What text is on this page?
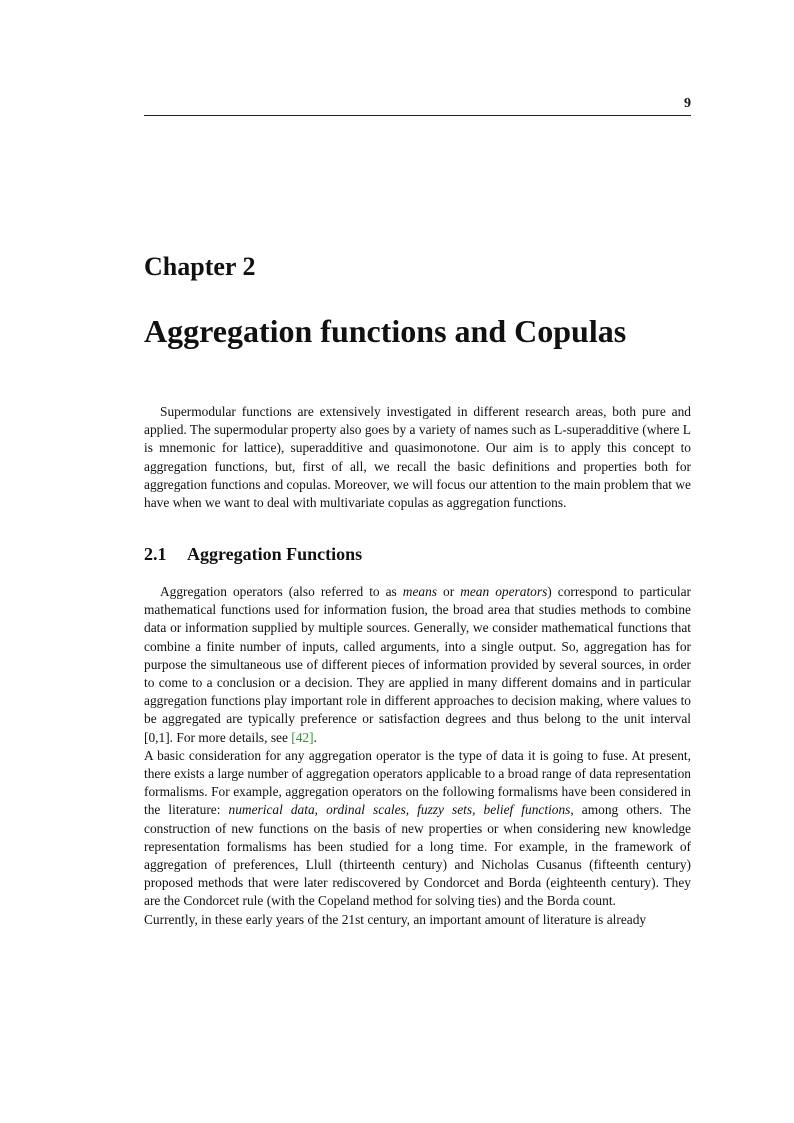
9
Chapter 2
Aggregation functions and Copulas

Supermodular functions are extensively investigated in different research areas, both pure and applied. The supermodular property also goes by a variety of names such as L-superadditive (where L is mnemonic for lattice), superadditive and quasimonotone. Our aim is to apply this concept to aggregation functions, but, first of all, we recall the basic definitions and properties both for aggregation functions and copulas. Moreover, we will focus our attention to the main problem that we have when we want to deal with multivariate copulas as aggregation functions.

2.1 Aggregation Functions

Aggregation operators (also referred to as means or mean operators) correspond to particular mathematical functions used for information fusion, the broad area that studies methods to combine data or information supplied by multiple sources. Generally, we consider mathematical functions that combine a finite number of inputs, called arguments, into a single output. So, aggregation has for purpose the simultaneous use of different pieces of information provided by several sources, in order to come to a conclusion or a decision. They are applied in many different domains and in particular aggregation functions play important role in different approaches to decision making, where values to be aggregated are typically preference or satisfaction degrees and thus belong to the unit interval [0,1]. For more details, see [42].

A basic consideration for any aggregation operator is the type of data it is going to fuse. At present, there exists a large number of aggregation operators applicable to a broad range of data representation formalisms. For example, aggregation operators on the following formalisms have been considered in the literature: numerical data, ordinal scales, fuzzy sets, belief functions, among others. The construction of new functions on the basis of new properties or when considering new knowledge representation formalisms has been studied for a long time. For example, in the framework of aggregation of preferences, Llull (thirteenth century) and Nicholas Cusanus (fifteenth century) proposed methods that were later rediscovered by Condorcet and Borda (eighteenth century). They are the Condorcet rule (with the Copeland method for solving ties) and the Borda count.

Currently, in these early years of the 21st century, an important amount of literature is already
